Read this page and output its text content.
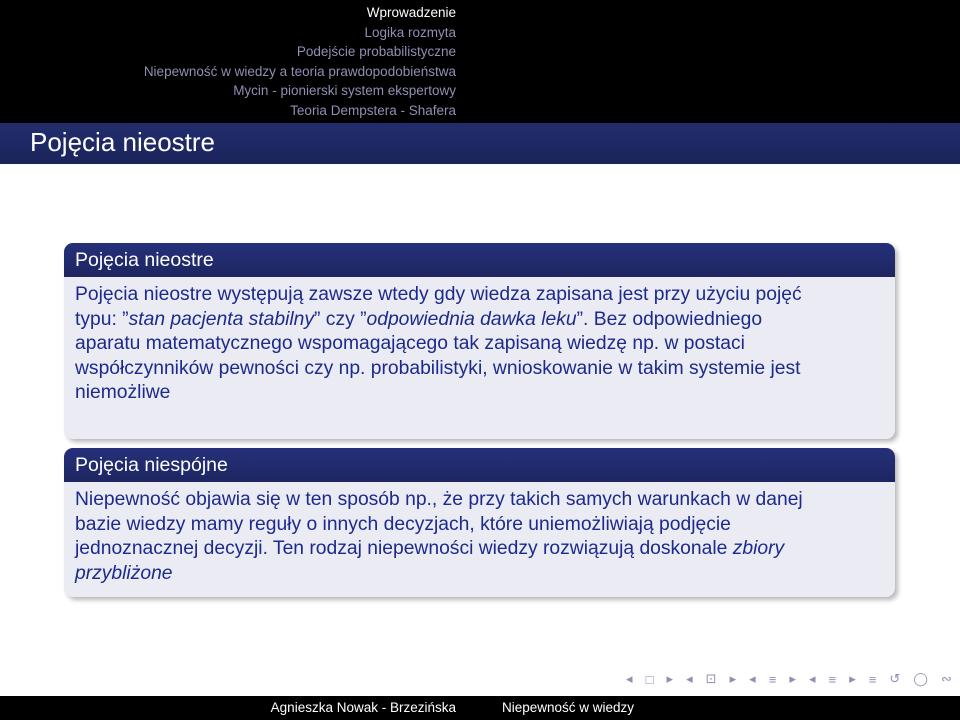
Wprowadzenie
Logika rozmyta
Podejście probabilistyczne
Niepewność w wiedzy a teoria prawdopodobieństwa
Mycin - pionierski system ekspertowy
Teoria Dempstera - Shafera
Pojęcia nieostre
Pojęcia nieostre
Pojęcia nieostre występują zawsze wtedy gdy wiedza zapisana jest przy użyciu pojęć
typu: ”stan pacjenta stabilny” czy ”odpowiednia dawka leku”. Bez odpowiedniego
aparatu matematycznego wspomagającego tak zapisaną wiedzę np. w postaci
współczynników pewności czy np. probabilistyki, wnioskowanie w takim systemie jest
niemożliwe
Pojęcia niespójne
Niepewność objawia się w ten sposób np., że przy takich samych warunkach w danej
bazie wiedzy mamy reguły o innych decyzjach, które uniemożliwiają podjęcie
jednoznacznej decyzji. Ten rodzaj niepewności wiedzy rozwiązują doskonale zbiory
przybliżone
◂ □ ▸ ◂ ⊡ ▸ ◂ ≡ ▸ ◂ ≡ ▸ ≡ ↺ ◯ ∾
Agnieszka Nowak - Brzezińska	Niepewność w wiedzy
